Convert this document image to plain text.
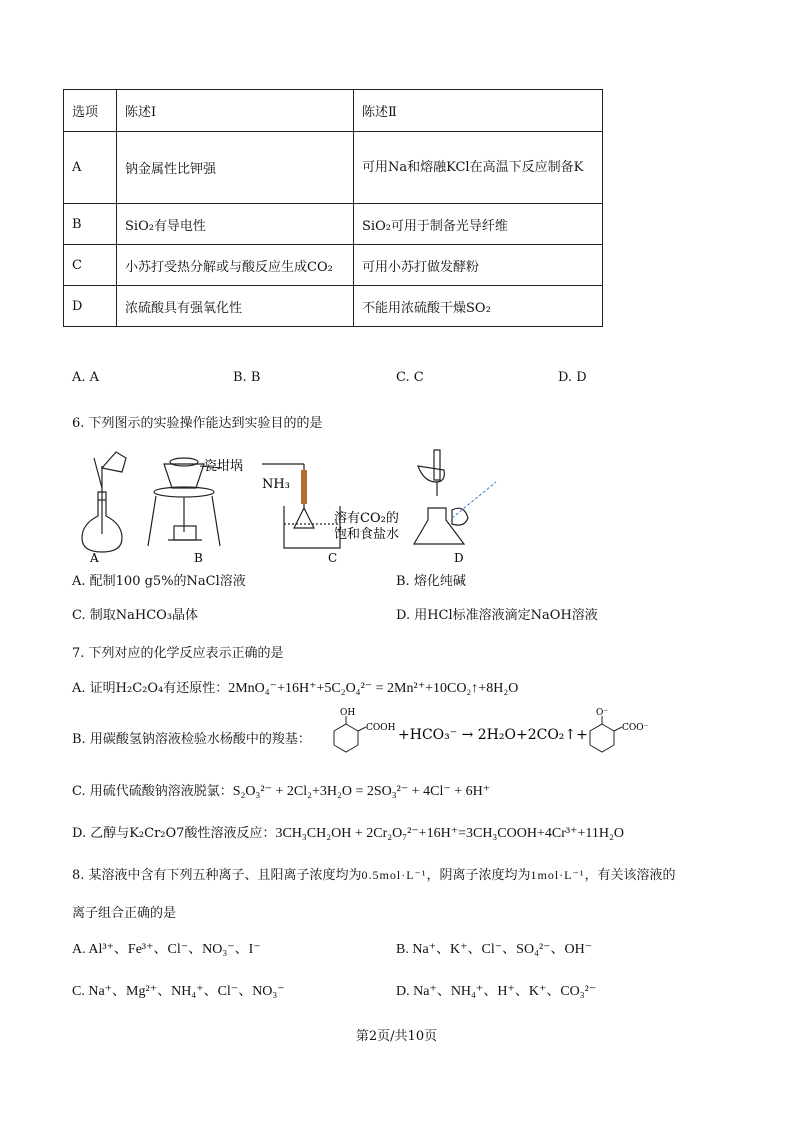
选项	陈述Ⅰ	陈述Ⅱ
A	钠金属性比钾强	可用Na和熔融KCl在高温下反应制备K
B	SiO₂有导电性	SiO₂可用于制备光导纤维
C	小苏打受热分解或与酸反应生成CO₂	可用小苏打做发酵粉
D	浓硫酸具有强氧化性	不能用浓硫酸干燥SO₂
A. A	B. B	C. C	D. D
6. 下列图示的实验操作能达到实验目的的是
A
瓷坩埚
B
NH₃
溶有CO₂的
饱和食盐水
C	D
A. 配制100 g5%的NaCl溶液	B. 熔化纯碱
C. 制取NaHCO₃晶体	D. 用HCl标准溶液滴定NaOH溶液
7. 下列对应的化学反应表示正确的是
A. 证明H₂C₂O₄有还原性：2MnO₄⁻+16H⁺+5C₂O₄²⁻ = 2Mn²⁺+10CO₂↑+8H₂O
B. 用碳酸氢钠溶液检验水杨酸中的羧基：
OH
COOH +HCO₃⁻ → 2H₂O+2CO₂↑+
O⁻
COO⁻
C. 用硫代硫酸钠溶液脱氯：S₂O₃²⁻ + 2Cl₂+3H₂O = 2SO₃²⁻ + 4Cl⁻ + 6H⁺
D. 乙醇与K₂Cr₂O7酸性溶液反应：3CH₃CH₂OH + 2Cr₂O₇²⁻+16H⁺=3CH₃COOH+4Cr³⁺+11H₂O
8. 某溶液中含有下列五种离子、且阳离子浓度均为0.5mol·L⁻¹，阴离子浓度均为1mol·L⁻¹，有关该溶液的
离子组合正确的是
A. Al³⁺、Fe³⁺、Cl⁻、NO₃⁻、I⁻	B. Na⁺、K⁺、Cl⁻、SO₄²⁻、OH⁻
C. Na⁺、Mg²⁺、NH₄⁺、Cl⁻、NO₃⁻	D. Na⁺、NH₄⁺、H⁺、K⁺、CO₃²⁻
第2页/共10页
